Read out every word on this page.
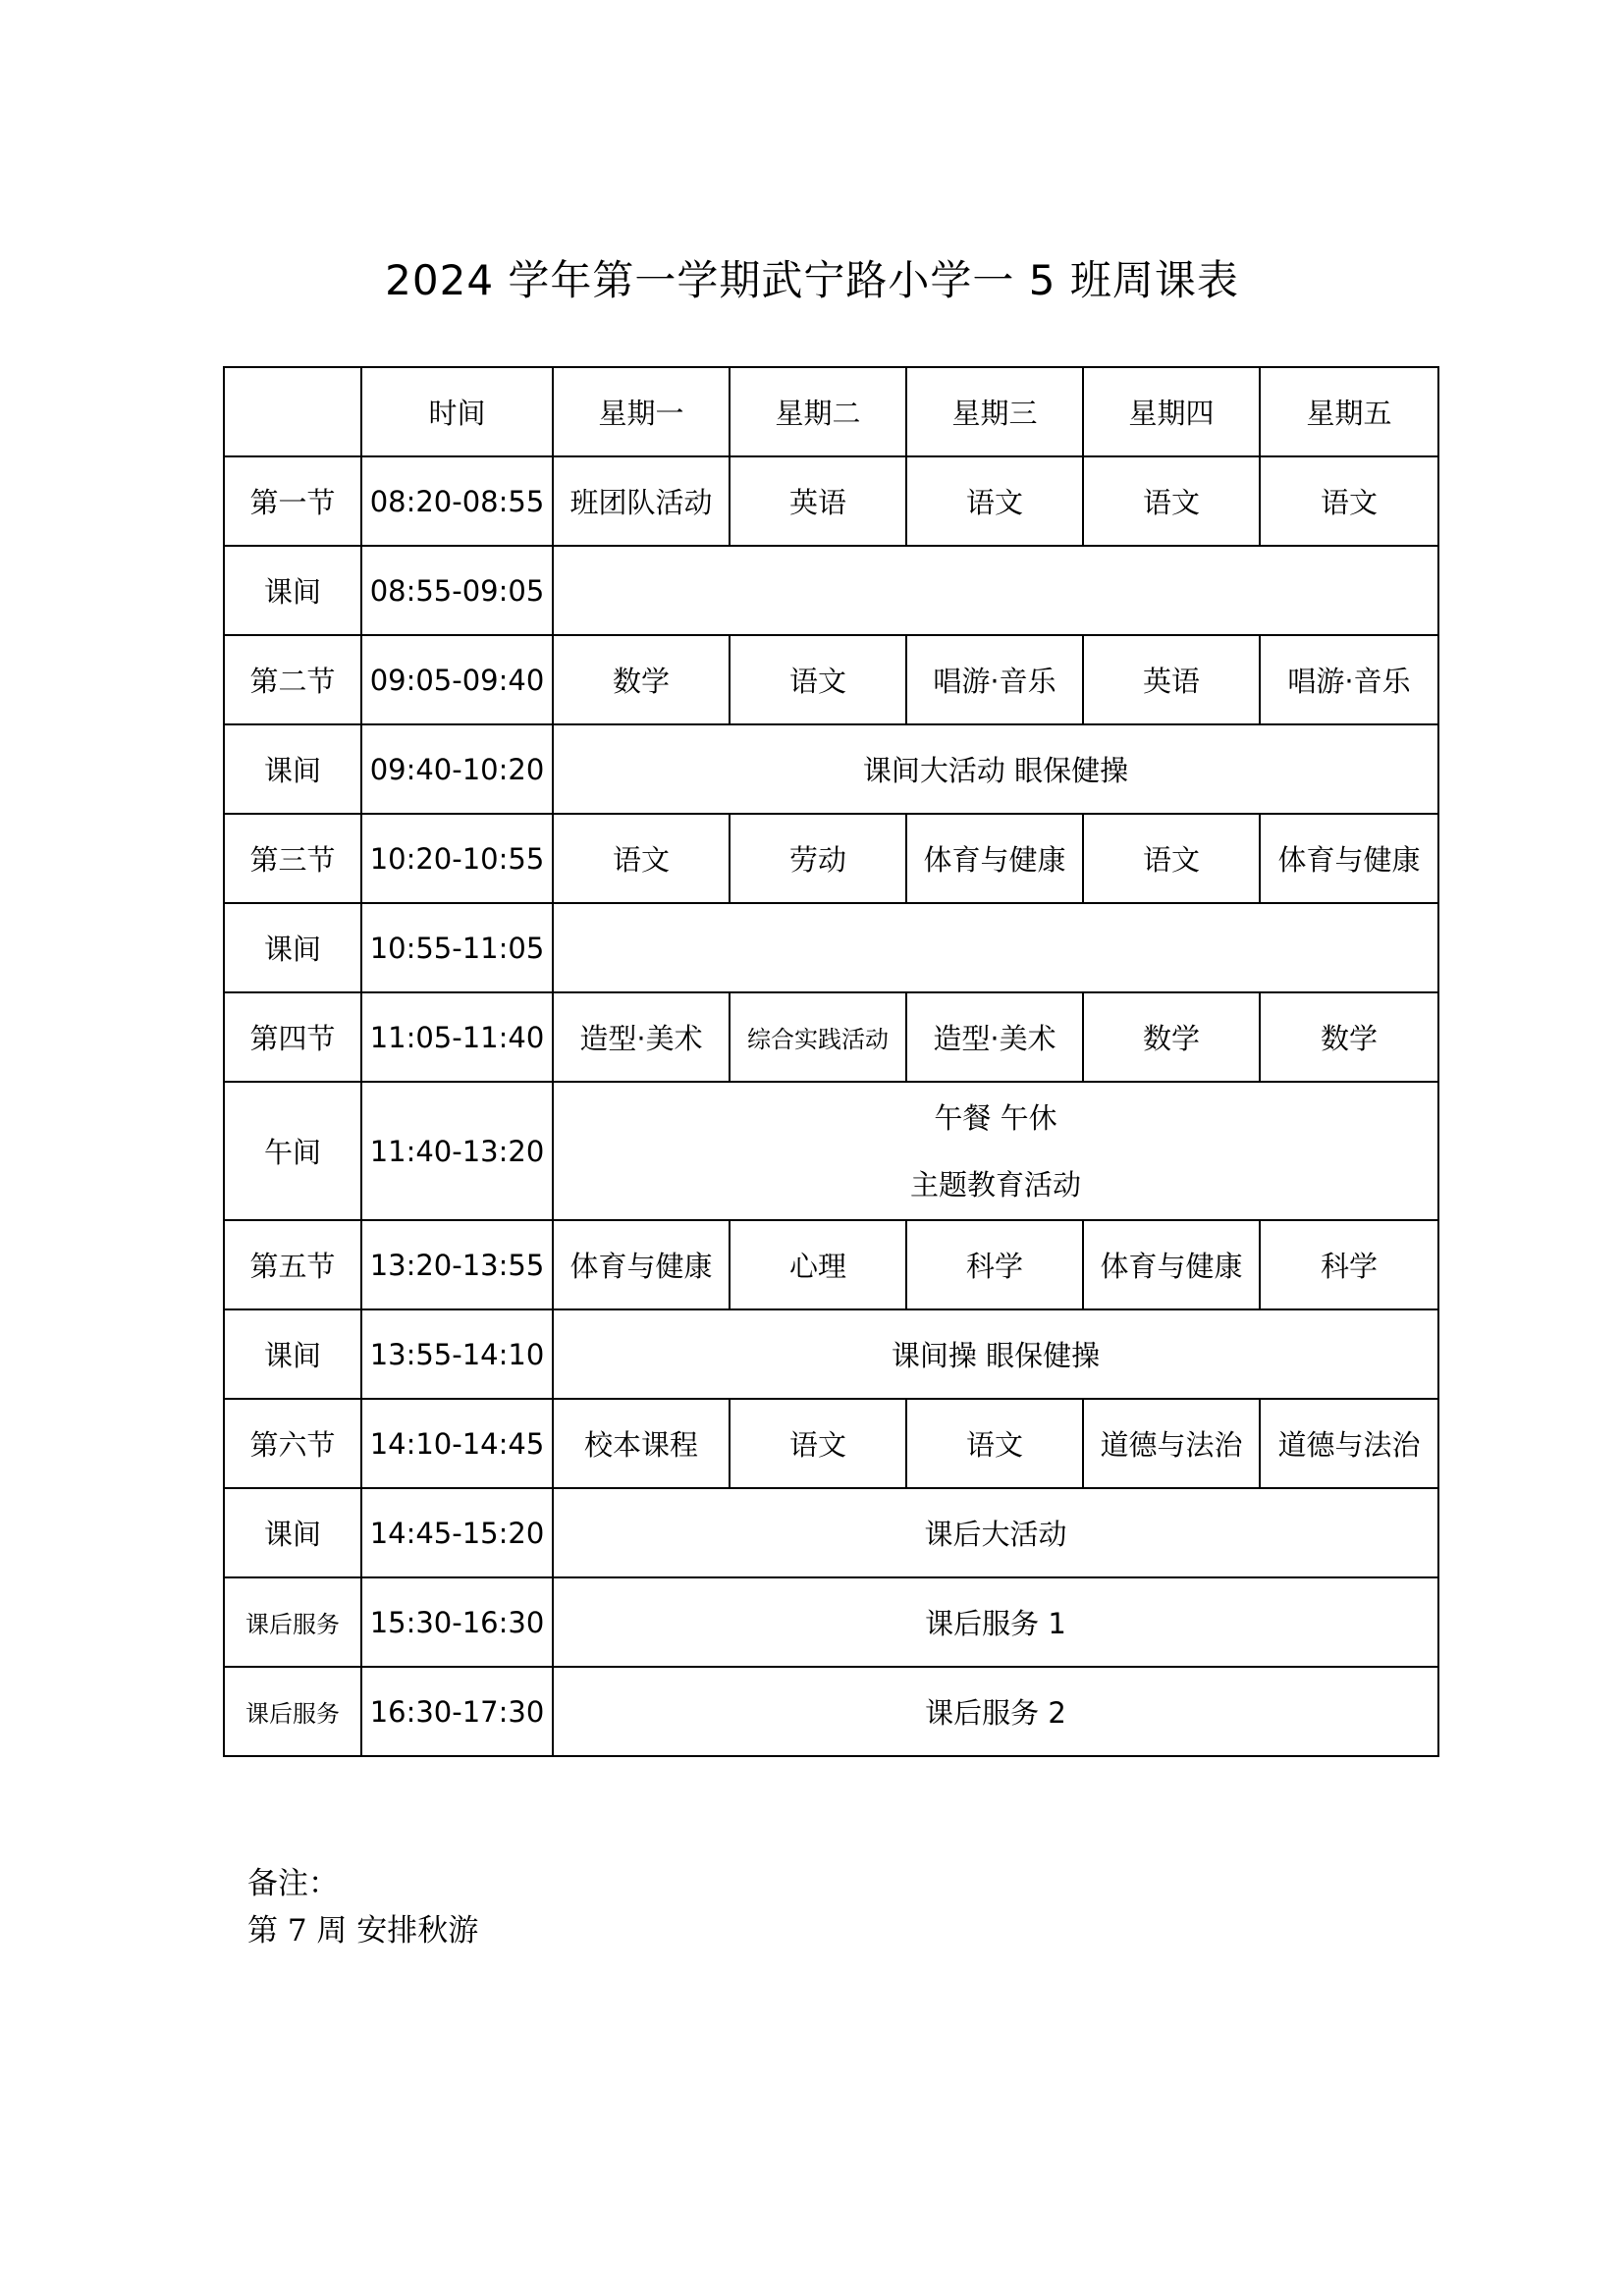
2024 学年第一学期武宁路小学一 5 班周课表
	时间	星期一	星期二	星期三	星期四	星期五
第一节	08:20-08:55	班团队活动	英语	语文	语文	语文
课间	08:55-09:05					
第二节	09:05-09:40	数学	语文	唱游·音乐	英语	唱游·音乐
课间	09:40-10:20	课间大活动 眼保健操				
第三节	10:20-10:55	语文	劳动	体育与健康	语文	体育与健康
课间	10:55-11:05					
第四节	11:05-11:40	造型·美术	综合实践活动	造型·美术	数学	数学
午间	11:40-13:20	午餐 午休
主题教育活动				

第五节	13:20-13:55	体育与健康	心理	科学	体育与健康	科学
课间	13:55-14:10	课间操 眼保健操				
第六节	14:10-14:45	校本课程	语文	语文	道德与法治	道德与法治
课间	14:45-15:20	课后大活动				
课后服务	15:30-16:30	课后服务 1				
课后服务	16:30-17:30	课后服务 2				
备注：
第 7 周 安排秋游
